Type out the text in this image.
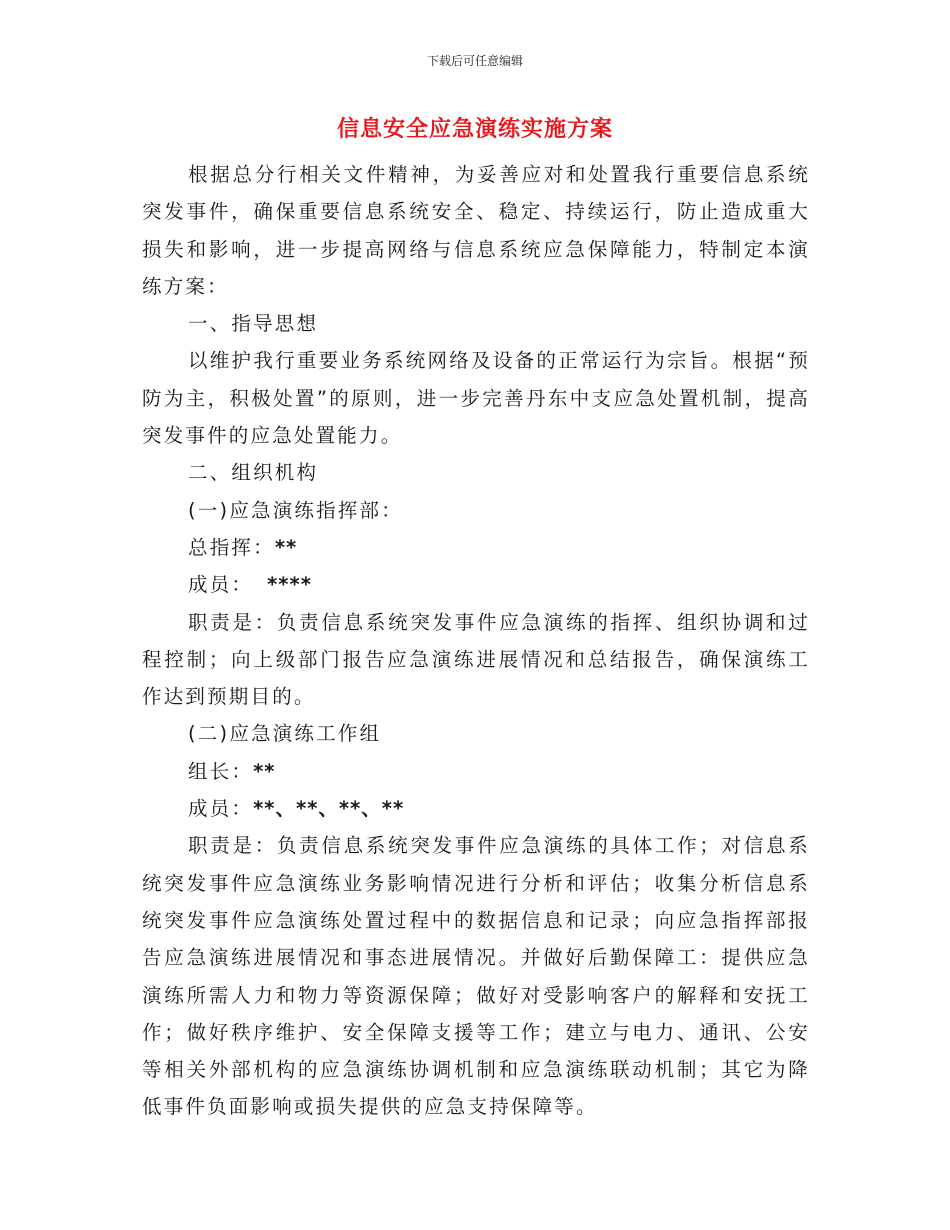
下载后可任意编辑
信息安全应急演练实施方案

根据总分行相关文件精神，为妥善应对和处置我行重要信息系统突发事件，确保重要信息系统安全、稳定、持续运行，防止造成重大损失和影响，进一步提高网络与信息系统应急保障能力，特制定本演练方案：

一、指导思想

以维护我行重要业务系统网络及设备的正常运行为宗旨。根据“预防为主，积极处置”的原则，进一步完善丹东中支应急处置机制，提高突发事件的应急处置能力。

二、组织机构

(一)应急演练指挥部：

总指挥：**

成员： ****

职责是：负责信息系统突发事件应急演练的指挥、组织协调和过程控制；向上级部门报告应急演练进展情况和总结报告，确保演练工作达到预期目的。

(二)应急演练工作组

组长：**

成员：**、**、**、**

职责是：负责信息系统突发事件应急演练的具体工作；对信息系统突发事件应急演练业务影响情况进行分析和评估；收集分析信息系统突发事件应急演练处置过程中的数据信息和记录；向应急指挥部报告应急演练进展情况和事态进展情况。并做好后勤保障工：提供应急演练所需人力和物力等资源保障；做好对受影响客户的解释和安抚工作；做好秩序维护、安全保障支援等工作；建立与电力、通讯、公安等相关外部机构的应急演练协调机制和应急演练联动机制；其它为降低事件负面影响或损失提供的应急支持保障等。
